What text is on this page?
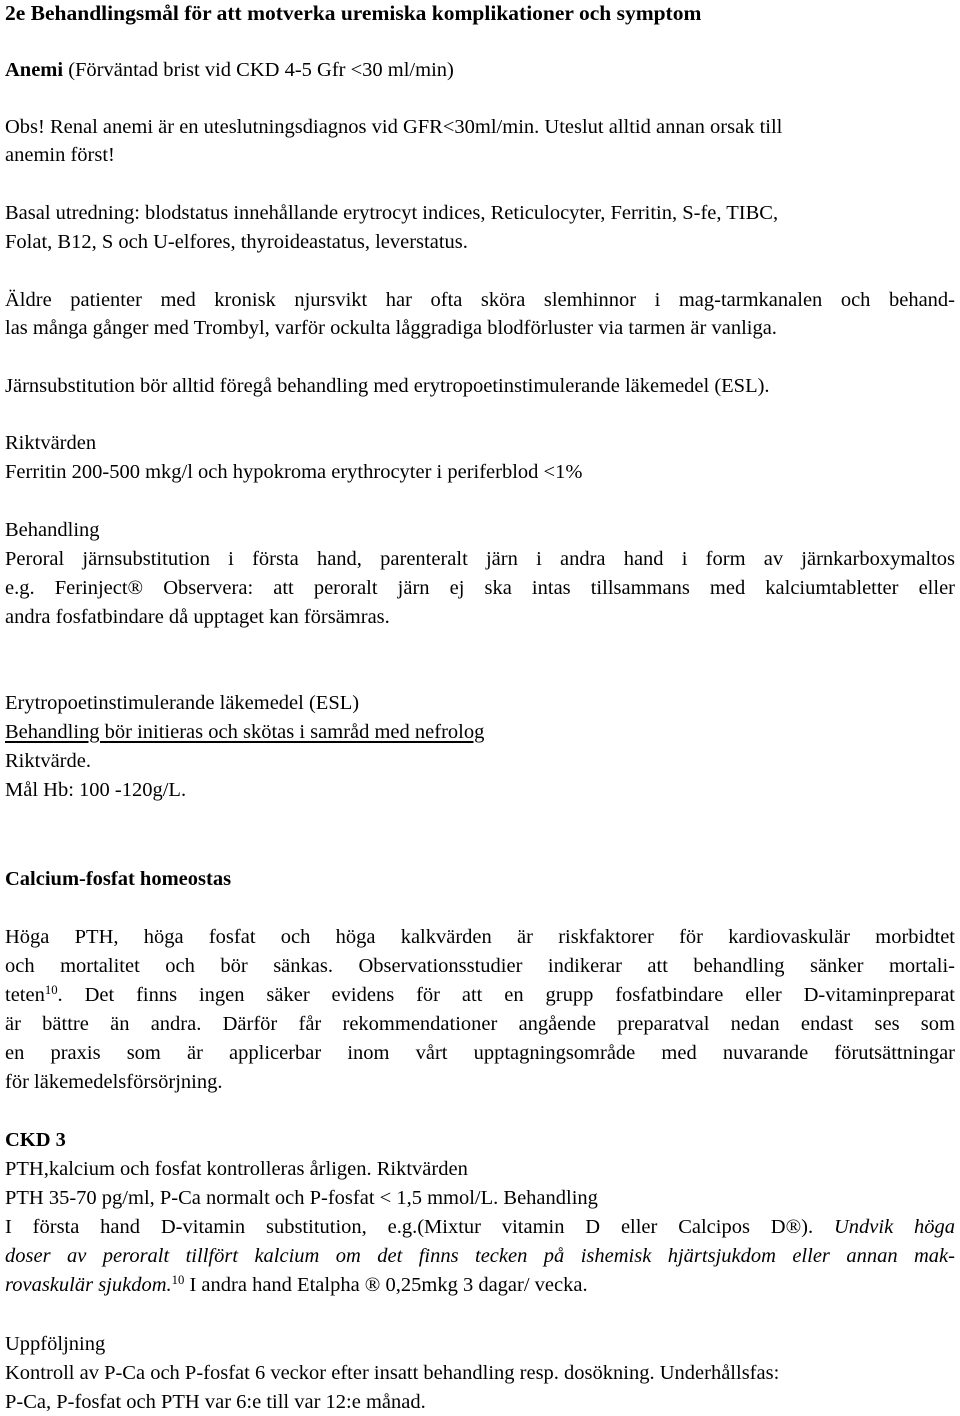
2e Behandlingsmål för att motverka uremiska komplikationer och symptom
Anemi (Förväntad brist vid CKD 4-5 Gfr <30 ml/min)
Obs! Renal anemi är en uteslutningsdiagnos vid GFR<30ml/min. Uteslut alltid annan orsak till
anemin först!
Basal utredning: blodstatus innehållande erytrocyt indices, Reticulocyter, Ferritin, S-fe, TIBC,
Folat, B12, S och U-elfores, thyroideastatus, leverstatus.
Äldre patienter med kronisk njursvikt har ofta sköra slemhinnor i mag-tarmkanalen och behand-
las många gånger med Trombyl, varför ockulta låggradiga blodförluster via tarmen är vanliga.
Järnsubstitution bör alltid föregå behandling med erytropoetinstimulerande läkemedel (ESL).
Riktvärden
Ferritin 200-500 mkg/l och hypokroma erythrocyter i periferblod <1%
Behandling
Peroral järnsubstitution i första hand, parenteralt järn i andra hand i form av järnkarboxymaltos
e.g. Ferinject® Observera: att peroralt järn ej ska intas tillsammans med kalciumtabletter eller
andra fosfatbindare då upptaget kan försämras.
Erytropoetinstimulerande läkemedel (ESL)
Behandling bör initieras och skötas i samråd med nefrolog
Riktvärde.
Mål Hb: 100 -120g/L.
Calcium-fosfat homeostas
Höga PTH, höga fosfat och höga kalkvärden är riskfaktorer för kardiovaskulär morbidtet
och mortalitet och bör sänkas. Observationsstudier indikerar att behandling sänker mortali-
teten$^{10}$. Det finns ingen säker evidens för att en grupp fosfatbindare eller D-vitaminpreparat
är bättre än andra. Därför får rekommendationer angående preparatval nedan endast ses som
en praxis som är applicerbar inom vårt upptagningsområde med nuvarande förutsättningar
för läkemedelsförsörjning.
CKD 3
PTH,kalcium och fosfat kontrolleras årligen. Riktvärden
PTH 35-70 pg/ml, P-Ca normalt och P-fosfat < 1,5 mmol/L. Behandling
I första hand D-vitamin substitution, e.g.(Mixtur vitamin D eller Calcipos D®). Undvik höga
doser av peroralt tillfört kalcium om det finns tecken på ishemisk hjärtsjukdom eller annan mak-
rovaskulär sjukdom.$^{10}$ I andra hand Etalpha ® 0,25mkg 3 dagar/ vecka.
Uppföljning
Kontroll av P-Ca och P-fosfat 6 veckor efter insatt behandling resp. dosökning. Underhållsfas:
P-Ca, P-fosfat och PTH var 6:e till var 12:e månad.
